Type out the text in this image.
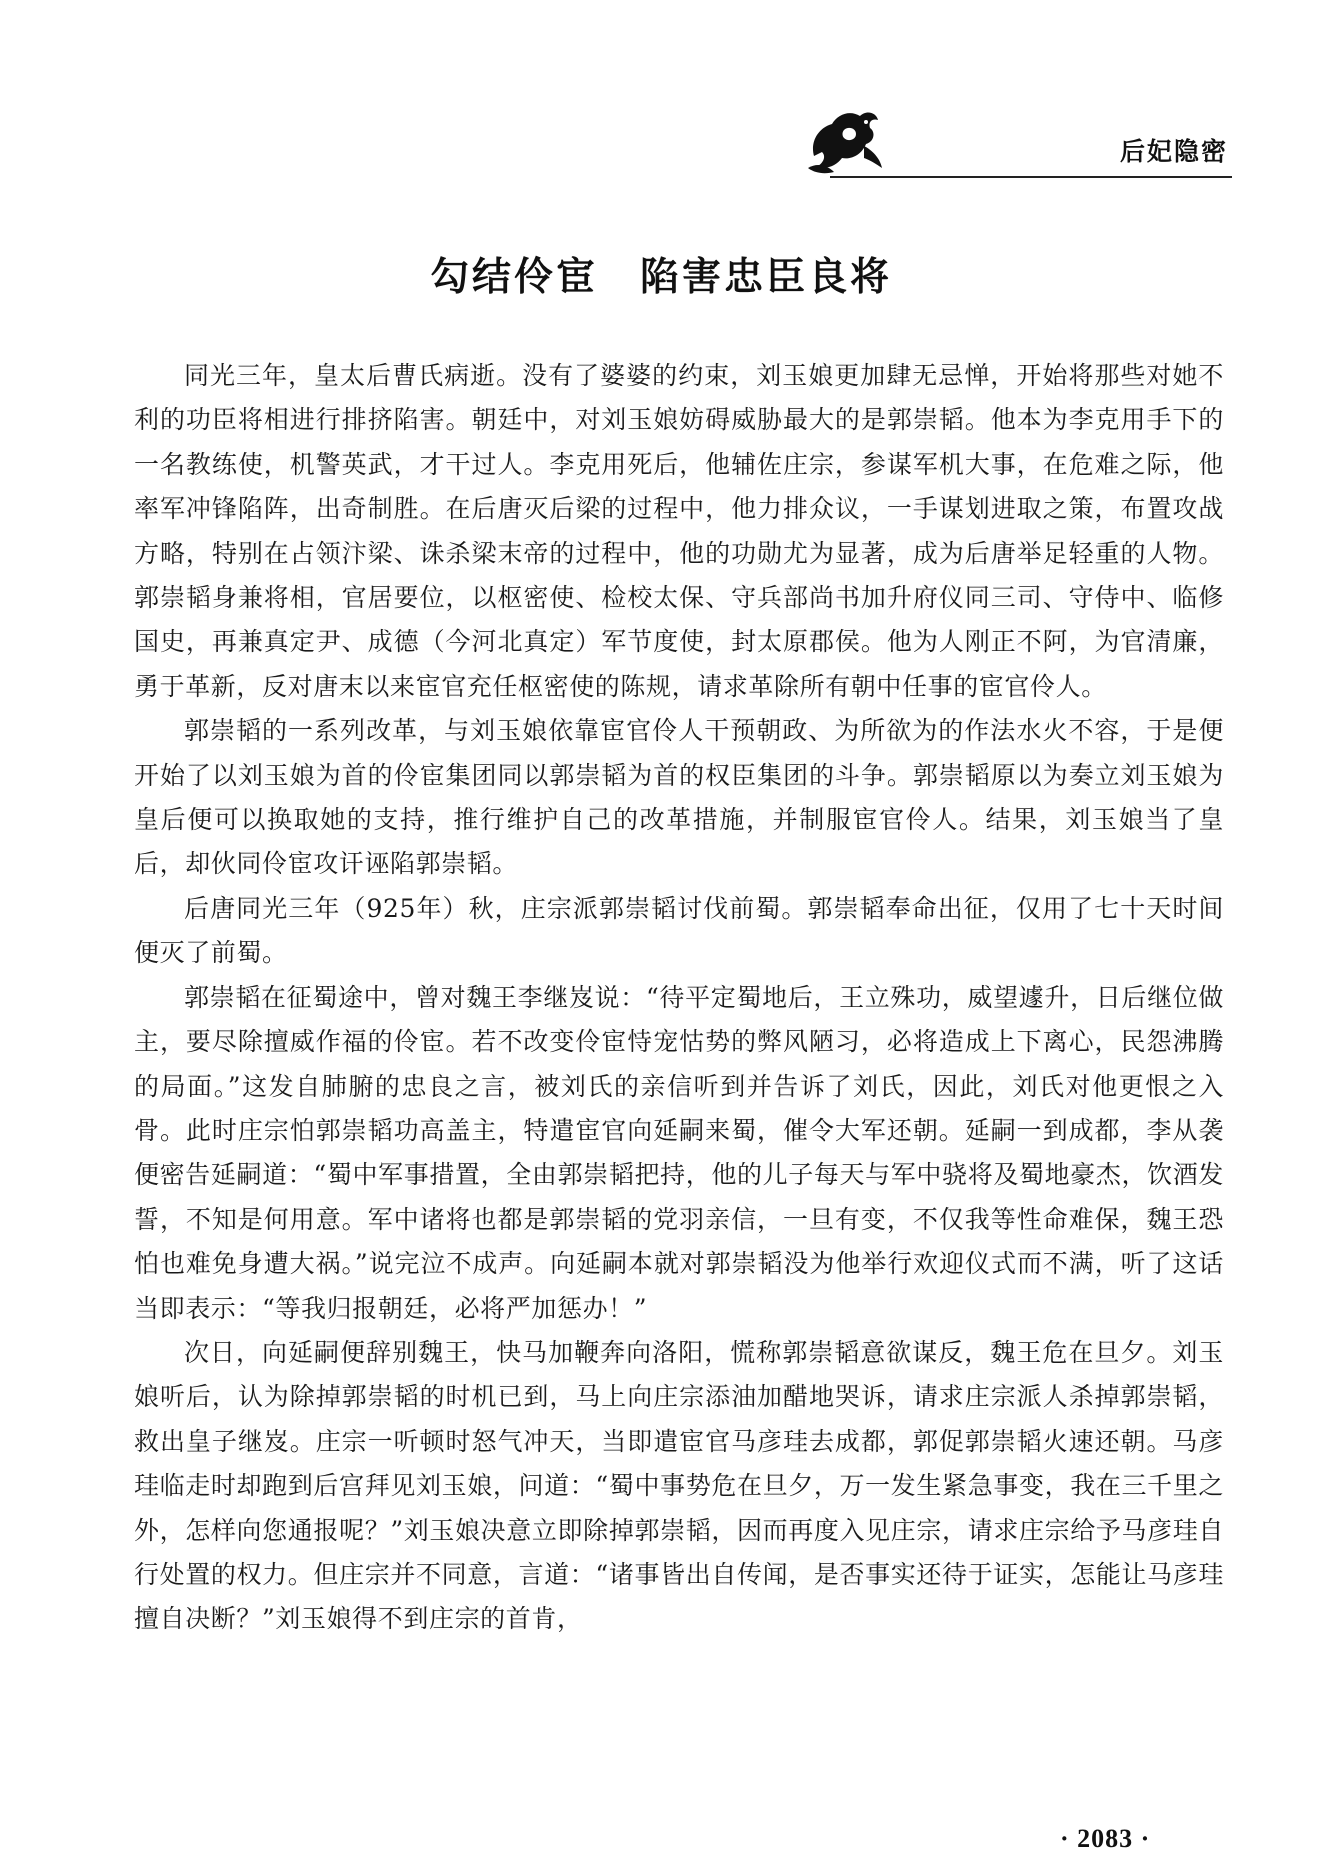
后妃隐密
勾结伶宦　陷害忠臣良将

同光三年，皇太后曹氏病逝。没有了婆婆的约束，刘玉娘更加肆无忌惮，开始将那些对她不利的功臣将相进行排挤陷害。朝廷中，对刘玉娘妨碍威胁最大的是郭崇韬。他本为李克用手下的一名教练使，机警英武，才干过人。李克用死后，他辅佐庄宗，参谋军机大事，在危难之际，他率军冲锋陷阵，出奇制胜。在后唐灭后梁的过程中，他力排众议，一手谋划进取之策，布置攻战方略，特别在占领汴梁、诛杀梁末帝的过程中，他的功勋尤为显著，成为后唐举足轻重的人物。郭崇韬身兼将相，官居要位，以枢密使、检校太保、守兵部尚书加升府仪同三司、守侍中、临修国史，再兼真定尹、成德（今河北真定）军节度使，封太原郡侯。他为人刚正不阿，为官清廉，勇于革新，反对唐末以来宦官充任枢密使的陈规，请求革除所有朝中任事的宦官伶人。

郭崇韬的一系列改革，与刘玉娘依靠宦官伶人干预朝政、为所欲为的作法水火不容，于是便开始了以刘玉娘为首的伶宦集团同以郭崇韬为首的权臣集团的斗争。郭崇韬原以为奏立刘玉娘为皇后便可以换取她的支持，推行维护自己的改革措施，并制服宦官伶人。结果，刘玉娘当了皇后，却伙同伶宦攻讦诬陷郭崇韬。

后唐同光三年（925年）秋，庄宗派郭崇韬讨伐前蜀。郭崇韬奉命出征，仅用了七十天时间便灭了前蜀。

郭崇韬在征蜀途中，曾对魏王李继岌说：“待平定蜀地后，王立殊功，威望遽升，日后继位做主，要尽除擅威作福的伶宦。若不改变伶宦恃宠怙势的弊风陋习，必将造成上下离心，民怨沸腾的局面。”这发自肺腑的忠良之言，被刘氏的亲信听到并告诉了刘氏，因此，刘氏对他更恨之入骨。此时庄宗怕郭崇韬功高盖主，特遣宦官向延嗣来蜀，催令大军还朝。延嗣一到成都，李从袭便密告延嗣道：“蜀中军事措置，全由郭崇韬把持，他的儿子每天与军中骁将及蜀地豪杰，饮酒发誓，不知是何用意。军中诸将也都是郭崇韬的党羽亲信，一旦有变，不仅我等性命难保，魏王恐怕也难免身遭大祸。”说完泣不成声。向延嗣本就对郭崇韬没为他举行欢迎仪式而不满，听了这话当即表示：“等我归报朝廷，必将严加惩办！”

次日，向延嗣便辞别魏王，快马加鞭奔向洛阳，慌称郭崇韬意欲谋反，魏王危在旦夕。刘玉娘听后，认为除掉郭崇韬的时机已到，马上向庄宗添油加醋地哭诉，请求庄宗派人杀掉郭崇韬，救出皇子继岌。庄宗一听顿时怒气冲天，当即遣宦官马彦珪去成都，郭促郭崇韬火速还朝。马彦珪临走时却跑到后宫拜见刘玉娘，问道：“蜀中事势危在旦夕，万一发生紧急事变，我在三千里之外，怎样向您通报呢？”刘玉娘决意立即除掉郭崇韬，因而再度入见庄宗，请求庄宗给予马彦珪自行处置的权力。但庄宗并不同意，言道：“诸事皆出自传闻，是否事实还待于证实，怎能让马彦珪擅自决断？”刘玉娘得不到庄宗的首肯，

· 2083 ·
